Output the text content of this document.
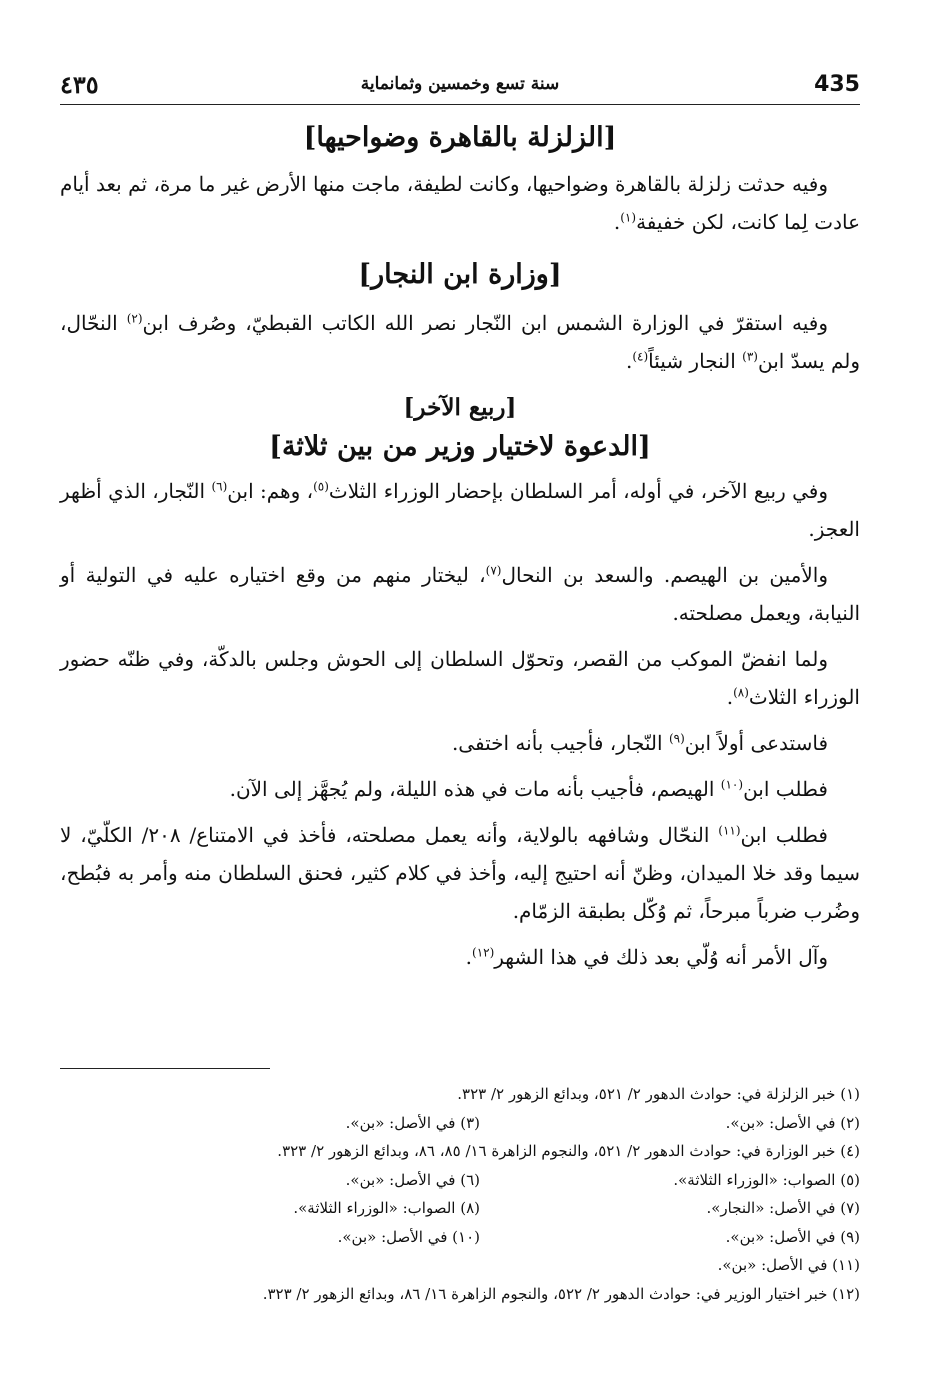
435
سنة تسع وخمسين وثمانماية
٤٣٥
[الزلزلة بالقاهرة وضواحيها]

وفيه حدثت زلزلة بالقاهرة وضواحيها، وكانت لطيفة، ماجت منها الأرض غير ما مرة، ثم بعد أيام عادت لِما كانت، لكن خفيفة$^{(١)}$.

[وزارة ابن النجار]

وفيه استقرّ في الوزارة الشمس ابن النّجار نصر الله الكاتب القبطيّ، وصُرف ابن$^{(٢)}$ النحّال، ولم يسدّ ابن$^{(٣)}$ النجار شيئاً$^{(٤)}$.

[ربيع الآخر]
[الدعوة لاختيار وزير من بين ثلاثة]

وفي ربيع الآخر، في أوله، أمر السلطان بإحضار الوزراء الثلاث$^{(٥)}$، وهم: ابن$^{(٦)}$ النّجار، الذي أظهر العجز.

والأمين بن الهيصم. والسعد بن النحال$^{(٧)}$، ليختار منهم من وقع اختياره عليه في التولية أو النيابة، ويعمل مصلحته.

ولما انفضّ الموكب من القصر، وتحوّل السلطان إلى الحوش وجلس بالدكّة، وفي ظنّه حضور الوزراء الثلاث$^{(٨)}$.

فاستدعى أولاً ابن$^{(٩)}$ النّجار، فأجيب بأنه اختفى.

فطلب ابن$^{(١٠)}$ الهيصم، فأجيب بأنه مات في هذه الليلة، ولم يُجهَّز إلى الآن.

فطلب ابن$^{(١١)}$ النحّال وشافهه بالولاية، وأنه يعمل مصلحته، فأخذ في الامتناع/ ٢٠٨/ الكلّيّ، لا سيما وقد خلا الميدان، وظنّ أنه احتيج إليه، وأخذ في كلام كثير، فحنق السلطان منه وأمر به فبُطح، وضُرب ضرباً مبرحاً، ثم وُكّل بطبقة الزمّام.

وآل الأمر أنه وُلّي بعد ذلك في هذا الشهر$^{(١٢)}$.

(١) خبر الزلزلة في: حوادث الدهور ٢/ ٥٢١، وبدائع الزهور ٢/ ٣٢٣.
(٢) في الأصل: «بن».
(٣) في الأصل: «بن».
(٤) خبر الوزارة في: حوادث الدهور ٢/ ٥٢١، والنجوم الزاهرة ١٦/ ٨٥، ٨٦، وبدائع الزهور ٢/ ٣٢٣.
(٥) الصواب: «الوزراء الثلاثة».
(٦) في الأصل: «بن».
(٧) في الأصل: «النجار».
(٨) الصواب: «الوزراء الثلاثة».
(٩) في الأصل: «بن».
(١٠) في الأصل: «بن».
(١١) في الأصل: «بن».
(١٢) خبر اختيار الوزير في: حوادث الدهور ٢/ ٥٢٢، والنجوم الزاهرة ١٦/ ٨٦، وبدائع الزهور ٢/ ٣٢٣.
